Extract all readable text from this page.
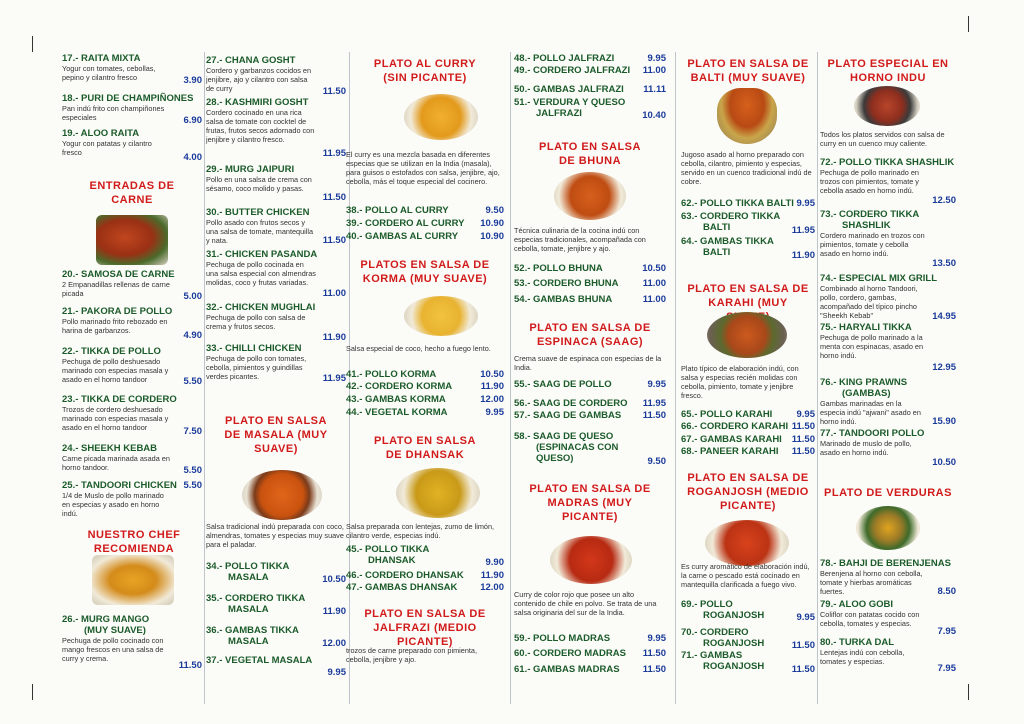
17.- RAITA MIXTA
Yogur con tomates, cebollas, pepino y cilantro fresco	3.90
18.- PURI DE CHAMPIÑONES
Pan indú frito con champiñones especiales	6.90
19.- ALOO RAITA
Yogur con patatas y cilantro fresco	4.00
ENTRADAS DE CARNE
20.- SAMOSA DE CARNE
2 Empanadillas rellenas de carne picada	5.00
21.- PAKORA DE POLLO
Pollo marinado frito rebozado en harina de garbanzos.	4.90
22.- TIKKA DE POLLO
Pechuga de pollo deshuesado marinado con especias masala y asado en el horno tandoor	5.50
23.- TIKKA DE CORDERO
Trozos de cordero deshuesado marinado con especias masala y asado en el horno tandoor	7.50
24.- SHEEKH KEBAB
Carne picada marinada asada en horno tandoor.	5.50
25.- TANDOORI CHICKEN
1/4 de Muslo de pollo marinado en especias y asado en horno indú.
5.50
NUESTRO CHEF RECOMIENDA
26.- MURG MANGO
(MUY SUAVE)
Pechuga de pollo cocinado con mango frescos en una salsa de curry y crema.
11.50
27.- CHANA GOSHT
Cordero y garbanzos cocidos en jenjibre, ajo y cilantro con salsa de curry	11.50
28.- KASHMIRI GOSHT
Cordero cocinado en una rica salsa de tomate con cocktel de frutas, frutos secos adornado con jenjibre y cilantro fresco.
11.95
29.- MURG JAIPURI
Pollo en una salsa de crema con sésamo, coco molido y pasas.
11.50
30.- BUTTER CHICKEN
Pollo asado con frutos secos y una salsa de tomate, mantequilla y nata.	11.50
31.- CHICKEN PASANDA
Pechuga de pollo cocinada en una salsa especial con almendras molidas, coco y frutas variadas.
11.00
32.- CHICKEN MUGHLAI
Pechuga de pollo con salsa de crema y frutos secos.
11.90
33.- CHILLI CHICKEN
Pechuga de pollo con tomates, cebolla, pimientos y guindillas verdes picantes.	11.95
PLATO EN SALSA DE MASALA (MUY SUAVE)
Salsa tradicional indú preparada con coco, almendras, tomates y especias muy suave para el paladar.
34.- POLLO TIKKA
MASALA	10.50
35.- CORDERO TIKKA
MASALA	11.90
36.- GAMBAS TIKKA
MASALA	12.00
37.- VEGETAL MASALA
9.95
PLATO AL CURRY (SIN PICANTE)
El curry es una mezcla basada en diferentes especias que se utilizan en la India (masala), para guisos o estofados con salsa, jenjibre, ajo, cebolla, más el toque especial del cocinero.
38.- POLLO AL CURRY	9.50
39.- CORDERO AL CURRY	10.90
40.- GAMBAS AL CURRY	10.90
PLATOS EN SALSA DE KORMA (MUY SUAVE)
Salsa especial de coco, hecho a fuego lento.
41.- POLLO KORMA	10.50
42.- CORDERO KORMA	11.90
43.- GAMBAS KORMA	12.00
44.- VEGETAL KORMA	9.95
PLATO EN SALSA DE DHANSAK
Salsa preparada con lentejas, zumo de limón, cilantro verde, especias indú.
45.- POLLO TIKKA
DHANSAK	9.90
46.- CORDERO DHANSAK	11.90
47.- GAMBAS DHANSAK	12.00
PLATO EN SALSA DE JALFRAZI (MEDIO PICANTE)
trozos de carne preparado con pimienta, cebolla, jenjibre y ajo.
48.- POLLO JALFRAZI	9.95
49.- CORDERO JALFRAZI	11.00
50.- GAMBAS JALFRAZI	11.11
51.- VERDURA Y QUESO
JALFRAZI	10.40
PLATO EN SALSA DE BHUNA
Técnica culinaria de la cocina indú con especias tradicionales, acompañada con cebolla, tomate, jenjibre y ajo.
52.- POLLO BHUNA	10.50
53.- CORDERO BHUNA	11.00
54.- GAMBAS BHUNA	11.00
PLATO EN SALSA DE ESPINACA (SAAG)
Crema suave de espinaca con especias de la India.
55.- SAAG DE POLLO	9.95
56.- SAAG DE CORDERO	11.95
57.- SAAG DE GAMBAS	11.50
58.- SAAG DE QUESO
(ESPINACAS CON
QUESO)	9.50
PLATO EN SALSA DE MADRAS (MUY PICANTE)
Curry de color rojo que posee un alto contenido de chile en polvo. Se trata de una salsa originaria del sur de la India.
59.- POLLO MADRAS	9.95
60.- CORDERO MADRAS	11.50
61.- GAMBAS MADRAS	11.50
PLATO EN SALSA DE BALTI (MUY SUAVE)
Jugoso asado al horno preparado con cebolla, cilantro, pimiento y especias, servido en un cuenco tradicional indú de cobre.
62.- POLLO TIKKA BALTI 9.95
63.- CORDERO TIKKA
BALTI	11.95
64.- GAMBAS TIKKA
BALTI	11.90
PLATO EN SALSA DE KARAHI (MUY
Plato típico de elaboración indú, con salsa y especias recién molidas con cebolla, pimiento, tomate y jenjibre fresco.
65.- POLLO KARAHI	9.95
66.- CORDERO KARAHI 11.50
67.- GAMBAS KARAHI	11.50
68.- PANEER KARAHI	11.50
PLATO EN SALSA DE ROGANJOSH (MEDIO PICANTE)
Es curry aromático de elaboración indú, la carne o pescado está cocinado en mantequilla clarificada a fuego vivo.
69.- POLLO
ROGANJOSH	9.95
70.- CORDERO
ROGANJOSH	11.50
71.- GAMBAS
ROGANJOSH	11.50
PLATO ESPECIAL EN HORNO INDU
Todos los platos servidos con salsa de curry en un cuenco muy caliente.
72.- POLLO TIKKA SHASHLIK
Pechuga de pollo marinado en trozos con pimientos, tomate y cebolla asado en horno indú.
12.50
73.- CORDERO TIKKA
SHASHLIK
Cordero marinado en trozos con pimientos, tomate y cebolla asado en horno indú.
13.50
74.- ESPECIAL MIX GRILL
Combinado al horno Tandoori, pollo, cordero, gambas, acompañado del típico pincho "Sheekh Kebab"	14.95
75.- HARYALI TIKKA
Pechuga de pollo marinado a la menta con espinacas, asado en horno indú.
12.95
76.- KING PRAWNS
(GAMBAS)
Gambas marinadas en la especia indú "ajwani" asado en horno indú.	15.90
77.- TANDOORI POLLO
Marinado de muslo de pollo, asado en horno indú.
10.50
PLATO DE VERDURAS
78.- BAHJI DE BERENJENAS
Berenjena al horno con cebolla, tomate y hierbas aromáticas fuertes.	8.50
79.- ALOO GOBI
Coliflor con patatas cocido con cebolla, tomates y especias.
7.95
80.- TURKA DAL
Lentejas indú con cebolla, tomates y especias.
7.95
